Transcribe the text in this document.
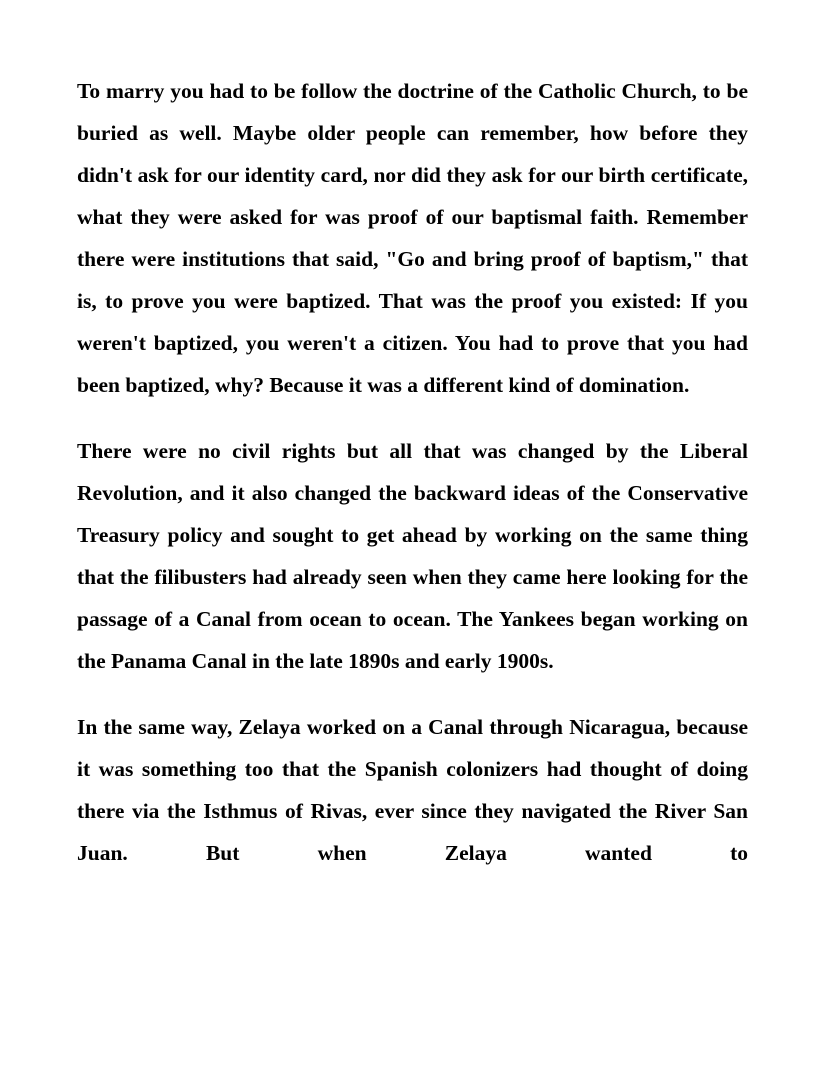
To marry you had to be follow the doctrine of the Catholic Church, to be buried as well. Maybe older people can remember, how before they didn't ask for our identity card, nor did they ask for our birth certificate, what they were asked for was proof of our baptismal faith. Remember there were institutions that said, "Go and bring proof of baptism," that is, to prove you were baptized. That was the proof you existed: If you weren't baptized, you weren't a citizen. You had to prove that you had been baptized, why? Because it was a different kind of domination.

There were no civil rights but all that was changed by the Liberal Revolution, and it also changed the backward ideas of the Conservative Treasury policy and sought to get ahead by working on the same thing that the filibusters had already seen when they came here looking for the passage of a Canal from ocean to ocean. The Yankees began working on the Panama Canal in the late 1890s and early 1900s.

In the same way, Zelaya worked on a Canal through Nicaragua, because it was something too that the Spanish colonizers had thought of doing there via the Isthmus of Rivas, ever since they navigated the River San Juan. But when Zelaya wanted to
